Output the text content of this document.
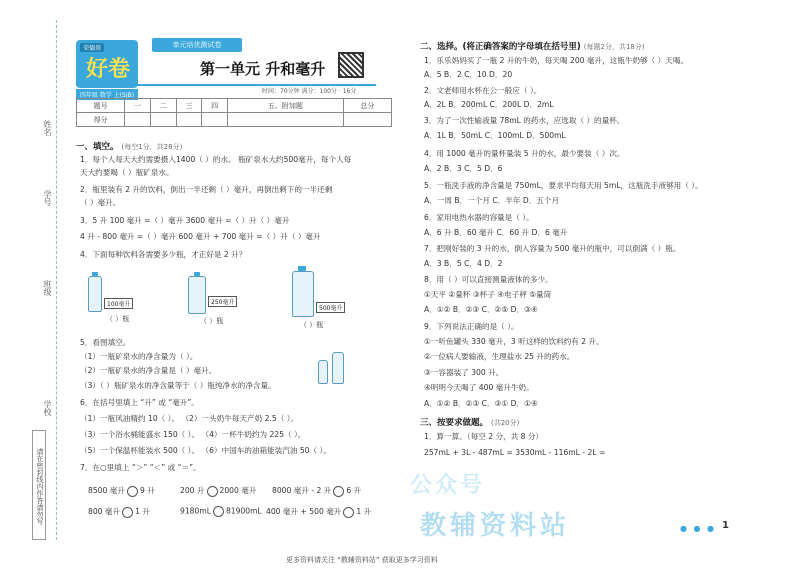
姓名
学号
班级
学校
请在密封线内作答请勿写
荣德基
好卷
四年级 数学 上(SJB)
单元培优测试卷
第一单元 升和毫升
时间：70分钟 满分：100分 · 16分
题号	一	二	三	四	五、附加题	总分
得分						
一、填空。 (每空1分，共28分)
1．每个人每天大约需要摄入1400（ ）的水。 瓶矿泉水大约500毫升，每个人每
天大约要喝（ ）瓶矿泉水。
2．瓶里装有 2 升的饮料，倒出一半还剩（ ）毫升，再倒出剩下的一半还剩
（ ）毫升。
3．5 升 100 毫升 =（ ）毫升 3600 毫升 =（ ）升（ ）毫升
4 升 - 800 毫升 =（ ）毫升 600 毫升 + 700 毫升 =（ ）升（ ）毫升
4．下面每种饮料各需要多少瓶，才正好是 2 升？
100毫升
（ ）瓶
250毫升
（ ）瓶
500毫升
（ ）瓶
5．看图填空。
（1）一瓶矿泉水的净含量为（ ）。
（2）一瓶矿泉水的净含量是（ ）毫升。
（3）（ ）瓶矿泉水的净含量等于（ ）瓶纯净水的净含量。
6．在括号里填上 “升” 或 “毫升”。
（1）一瓶风油精约 10（ ）。 （2）一头奶牛每天产奶 2.5（ ）。
（3）一个浴水桶能盛水 150（ ）。 （4）一杯牛奶约为 225（ ）。
（5）一个保温杯能装水 500（ ）。 （6）中国车的油箱能装汽油 50（ ）。
7．在○里填上 “＞” “＜” 或 “＝”。
8500 毫升 9 升	200 升 2000 毫升 8000 毫升 - 2 升 6 升
800 毫升 1 升	9180mL 81900mL 400 毫升 + 500 毫升 1 升
二、选择。(将正确答案的字母填在括号里) (每题2分，共18分)
1．乐乐妈妈买了一瓶 2 升的牛奶，每天喝 200 毫升，这瓶牛奶够（ ）天喝。
A．5 B．2 C．10 D．20
2．文老师用水杯在公一般应（ ）。
A．2L B．200mL C．200L D．2mL
3．为了一次性输液量 78mL 的药水，应选取（ ）的量杯。
A．1L B．50mL C．100mL D．500mL
4．用 1000 毫升的量杯量装 5 升的水，最少要装（ ）次。
A．2 B．3 C．5 D．6
5．一瓶洗手液的净含量是 750mL，要求平均每天用 5mL，这瓶洗手液够用（ ）。
A．一周 B．一个月 C．半年 D．五个月
6．家用电热水器的容量是（ ）。
A．6 升 B．60 毫升 C．60 升 D．6 毫升
7．把刚好装的 3 升的水，倒入容量为 500 毫升的瓶中，可以倒满（ ）瓶。
A．3 B．5 C．4 D．2
8．用（ ）可以直接测量液体的多少。
①天平 ②量杯 ③杯子 ④电子秤 ⑤量筒
A．①② B．②③ C．②⑤ D．③④
9．下列说法正确的是（ ）。
①一听鱼罐头 330 毫升，3 听这样的饮料约有 2 升。
②一位病人要输液，生理盐水 25 升的药水。
③一容器装了 300 升。
④明明今天喝了 400 毫升牛奶。
A．①② B．②③ C．③① D．①④
三、按要求做题。 (共20分)
1．算一算。（每空 2 分，共 8 分）
257mL + 3L - 487mL = 3530mL - 116mL - 2L =
公众号
教辅资料站	● ● ● 1
更多资料请关注 “教辅资料站” 获取更多学习资料
